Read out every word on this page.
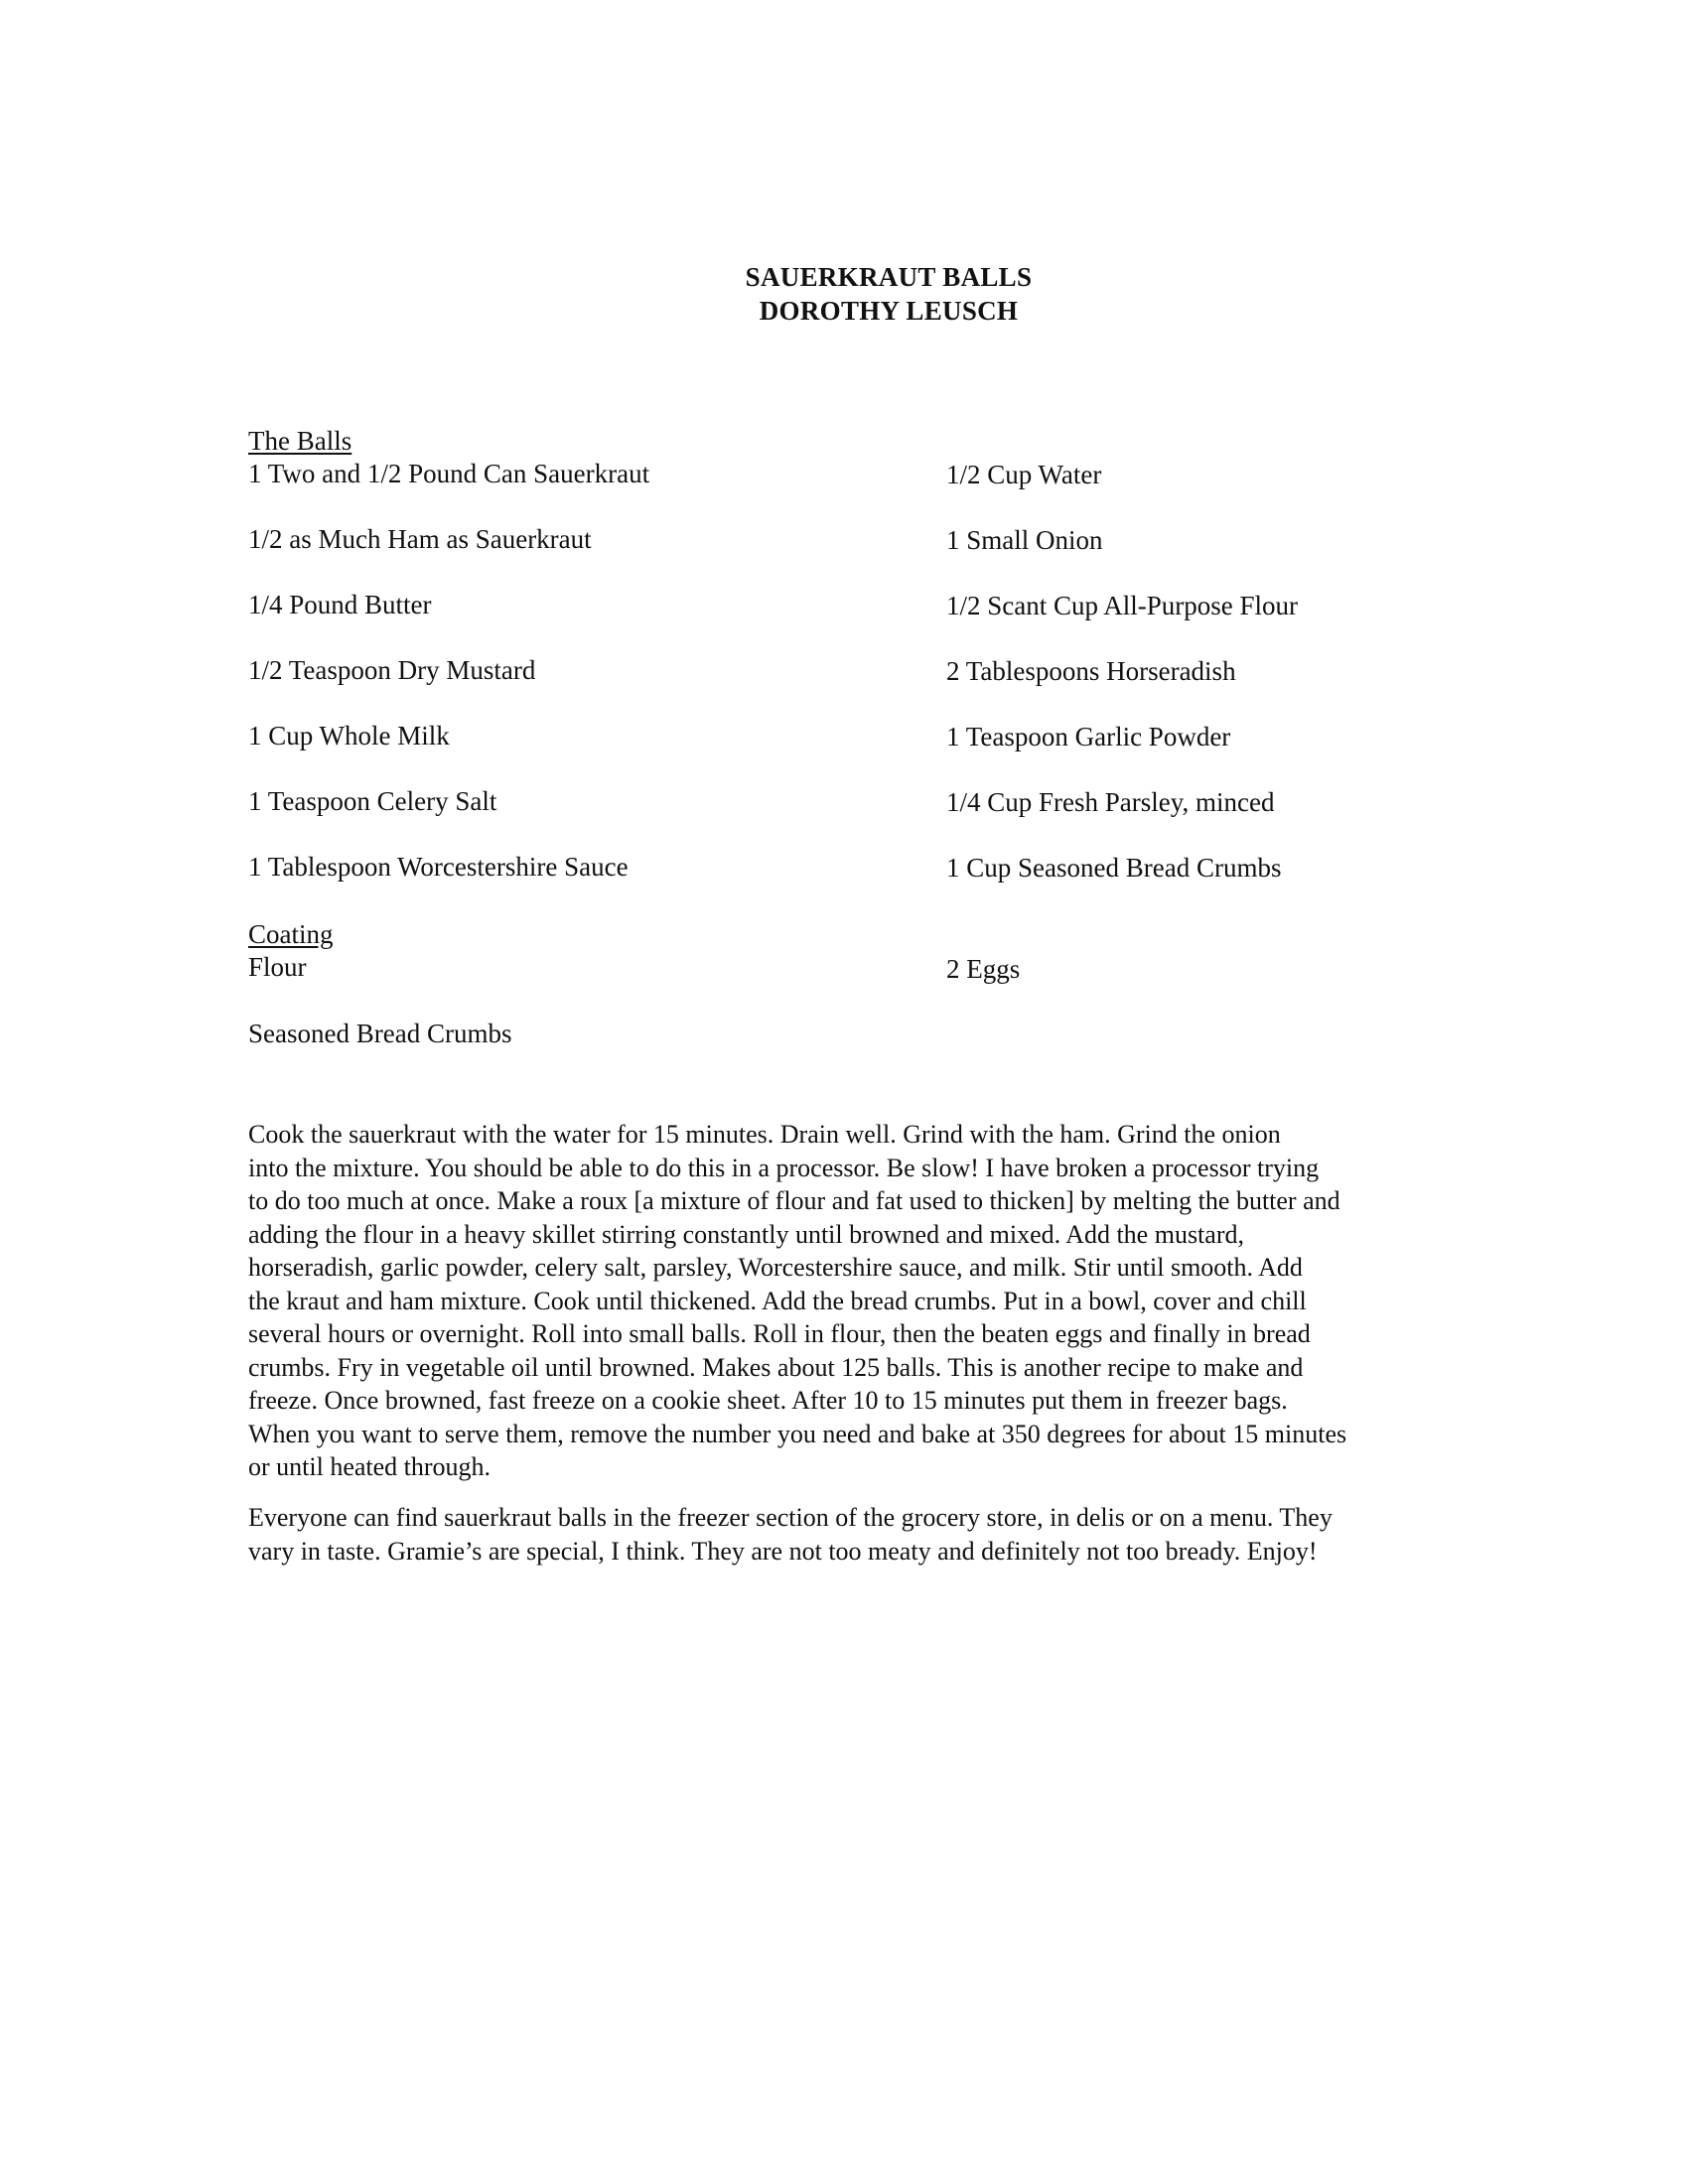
SAUERKRAUT BALLS
DOROTHY LEUSCH
The Balls
1 Two and 1/2 Pound Can Sauerkraut
1/2 as Much Ham as Sauerkraut
1/4 Pound Butter
1/2 Teaspoon Dry Mustard
1 Cup Whole Milk
1 Teaspoon Celery Salt
1 Tablespoon Worcestershire Sauce
1/2 Cup Water
1 Small Onion
1/2 Scant Cup All-Purpose Flour
2 Tablespoons Horseradish
1 Teaspoon Garlic Powder
1/4 Cup Fresh Parsley, minced
1 Cup Seasoned Bread Crumbs
Coating
Flour
Seasoned Bread Crumbs
2 Eggs
Cook the sauerkraut with the water for 15 minutes. Drain well. Grind with the ham. Grind the onion
into the mixture. You should be able to do this in a processor. Be slow! I have broken a processor trying
to do too much at once. Make a roux [a mixture of flour and fat used to thicken] by melting the butter and
adding the flour in a heavy skillet stirring constantly until browned and mixed. Add the mustard,
horseradish, garlic powder, celery salt, parsley, Worcestershire sauce, and milk. Stir until smooth. Add
the kraut and ham mixture. Cook until thickened. Add the bread crumbs. Put in a bowl, cover and chill
several hours or overnight. Roll into small balls. Roll in flour, then the beaten eggs and finally in bread
crumbs. Fry in vegetable oil until browned. Makes about 125 balls. This is another recipe to make and
freeze. Once browned, fast freeze on a cookie sheet. After 10 to 15 minutes put them in freezer bags.
When you want to serve them, remove the number you need and bake at 350 degrees for about 15 minutes
or until heated through.
Everyone can find sauerkraut balls in the freezer section of the grocery store, in delis or on a menu. They
vary in taste. Gramie’s are special, I think. They are not too meaty and definitely not too bready. Enjoy!
